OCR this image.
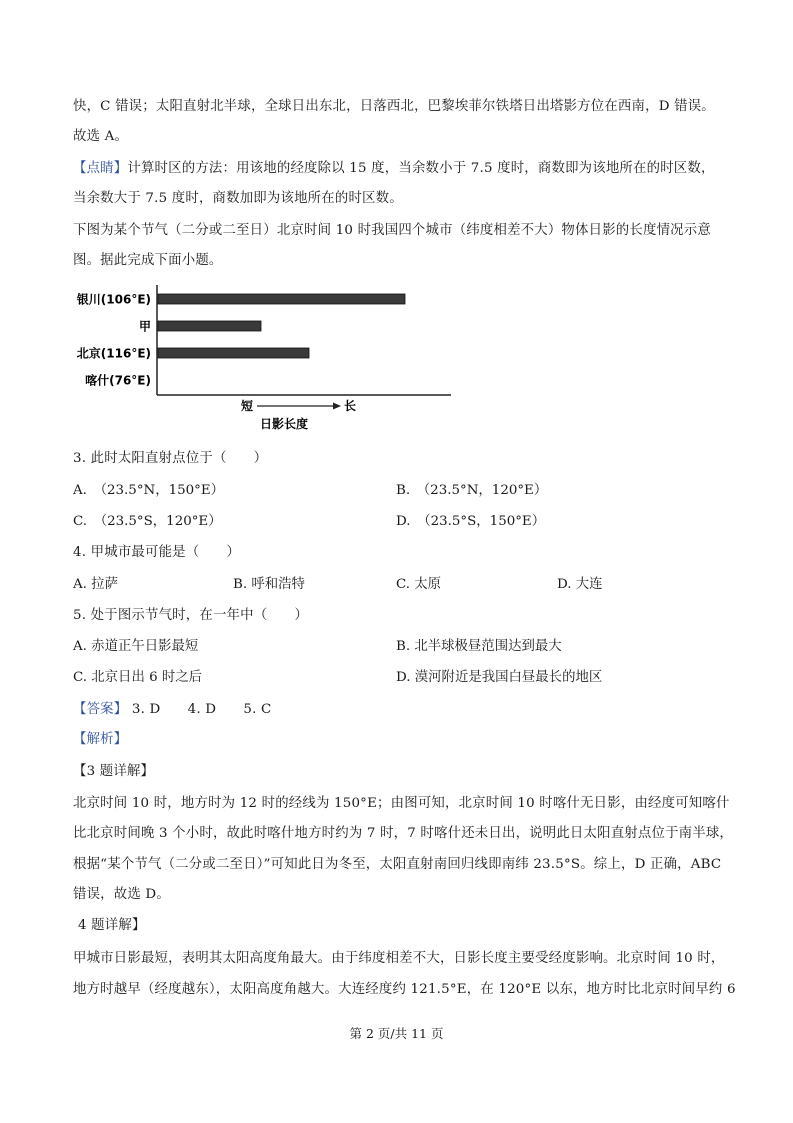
快，C 错误；太阳直射北半球，全球日出东北，日落西北，巴黎埃菲尔铁塔日出塔影方位在西南，D 错误。
故选 A。
【点睛】计算时区的方法：用该地的经度除以 15 度，当余数小于 7.5 度时，商数即为该地所在的时区数，
当余数大于 7.5 度时，商数加即为该地所在的时区数。
下图为某个节气（二分或二至日）北京时间 10 时我国四个城市（纬度相差不大）物体日影的长度情况示意
图。据此完成下面小题。
银川(106°E)
甲
北京(116°E)
喀什(76°E)
短	长
日影长度
3. 此时太阳直射点位于（　　）
A.　（23.5°N，150°E）	B.　（23.5°N，120°E）
C.　（23.5°S，120°E）	D.　（23.5°S，150°E）
4. 甲城市最可能是（　　）
A. 拉萨	B. 呼和浩特	C. 太原	D. 大连
5. 处于图示节气时，在一年中（　　）
A. 赤道正午日影最短	B. 北半球极昼范围达到最大
C. 北京日出 6 时之后	D. 漠河附近是我国白昼最长的地区
【答案】 3. D　　4. D　　5. C
【解析】
【3 题详解】
北京时间 10 时，地方时为 12 时的经线为 150°E；由图可知，北京时间 10 时喀什无日影，由经度可知喀什
比北京时间晚 3 个小时，故此时喀什地方时约为 7 时，7 时喀什还未日出，说明此日太阳直射点位于南半球，
根据“某个节气（二分或二至日）”可知此日为冬至，太阳直射南回归线即南纬 23.5°S。综上，D 正确，ABC
错误，故选 D。
4 题详解】
甲城市日影最短，表明其太阳高度角最大。由于纬度相差不大，日影长度主要受经度影响。北京时间 10 时，
地方时越早（经度越东），太阳高度角越大。大连经度约 121.5°E，在 120°E 以东，地方时比北京时间早约 6
第 2 页/共 11 页
